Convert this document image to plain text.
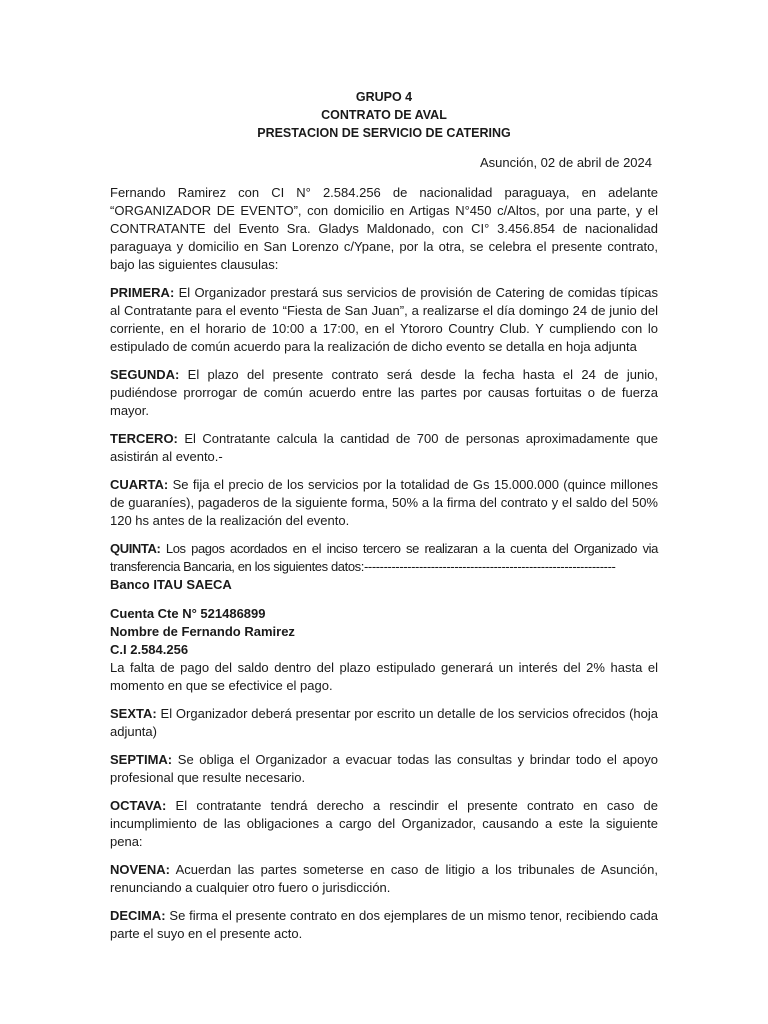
GRUPO 4
CONTRATO DE AVAL
PRESTACION DE SERVICIO DE CATERING
Asunción, 02 de abril de 2024

Fernando Ramirez con CI N° 2.584.256 de nacionalidad paraguaya, en adelante “ORGANIZADOR DE EVENTO”, con domicilio en Artigas N°450 c/Altos, por una parte, y el CONTRATANTE del Evento Sra. Gladys Maldonado, con CI° 3.456.854 de nacionalidad paraguaya y domicilio en San Lorenzo c/Ypane, por la otra, se celebra el presente contrato, bajo las siguientes clausulas:

PRIMERA: El Organizador prestará sus servicios de provisión de Catering de comidas típicas al Contratante para el evento “Fiesta de San Juan”, a realizarse el día domingo 24 de junio del corriente, en el horario de 10:00 a 17:00, en el Ytororo Country Club. Y cumpliendo con lo estipulado de común acuerdo para la realización de dicho evento se detalla en hoja adjunta

SEGUNDA: El plazo del presente contrato será desde la fecha hasta el 24 de junio, pudiéndose prorrogar de común acuerdo entre las partes por causas fortuitas o de fuerza mayor.

TERCERO: El Contratante calcula la cantidad de 700 de personas aproximadamente que asistirán al evento.-

CUARTA: Se fija el precio de los servicios por la totalidad de Gs 15.000.000 (quince millones de guaraníes), pagaderos de la siguiente forma, 50% a la firma del contrato y el saldo del 50% 120 hs antes de la realización del evento.

QUINTA: Los pagos acordados en el inciso tercero se realizaran a la cuenta del Organizado via transferencia Bancaria, en los siguientes datos:----------------------------------------------------------------

Banco ITAU SAECA
Cuenta Cte N° 521486899
Nombre de Fernando Ramirez
C.I 2.584.256

La falta de pago del saldo dentro del plazo estipulado generará un interés del 2% hasta el momento en que se efectivice el pago.

SEXTA: El Organizador deberá presentar por escrito un detalle de los servicios ofrecidos (hoja adjunta)

SEPTIMA: Se obliga el Organizador a evacuar todas las consultas y brindar todo el apoyo profesional que resulte necesario.

OCTAVA: El contratante tendrá derecho a rescindir el presente contrato en caso de incumplimiento de las obligaciones a cargo del Organizador, causando a este la siguiente pena:

NOVENA: Acuerdan las partes someterse en caso de litigio a los tribunales de Asunción, renunciando a cualquier otro fuero o jurisdicción.

DECIMA: Se firma el presente contrato en dos ejemplares de un mismo tenor, recibiendo cada parte el suyo en el presente acto.
